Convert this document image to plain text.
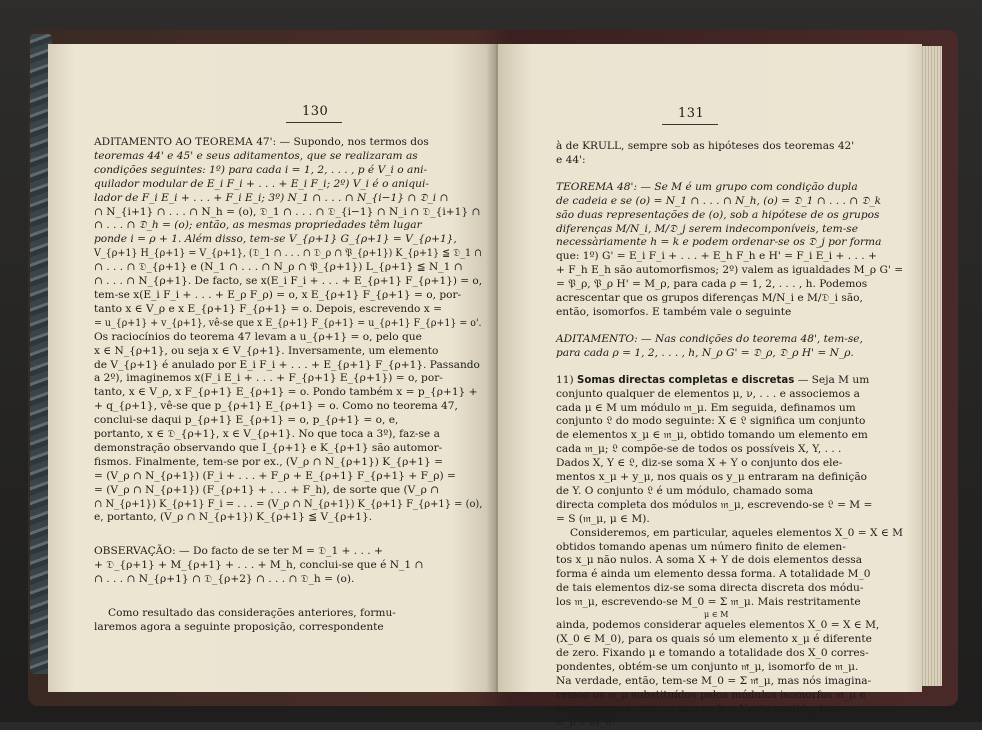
130

ADITAMENTO AO TEOREMA 47': — Supondo, nos termos dos

teoremas 44' e 45' e seus aditamentos, que se realizaram as

condições seguintes: 1º) para cada i = 1, 2, . . . , p é V_i o ani-

quilador modular de E_i F_i + . . . + E_i F_i; 2º) V_i é o aniqui-

lador de F_i E_i + . . . + F_i E_i; 3º) N_1 ∩ . . . ∩ N_{i−1} ∩ 𝔇_i ∩

∩ N_{i+1} ∩ . . . ∩ N_h = (o), 𝔇_1 ∩ . . . ∩ 𝔇_{i−1} ∩ N_i ∩ 𝔇_{i+1} ∩

∩ . . . ∩ 𝔇_h = (o); então, as mesmas propriedades têm lugar

ponde i = ρ + 1. Além disso, tem-se V_{ρ+1} G_{ρ+1} = V_{ρ+1},

V_{ρ+1} H_{ρ+1} = V_{ρ+1}, (𝔇_1 ∩ . . . ∩ 𝔇_ρ ∩ 𝔓_{ρ+1}) K_{ρ+1} ≦ 𝔇_1 ∩

∩ . . . ∩ 𝔇_{ρ+1} e (N_1 ∩ . . . ∩ N_ρ ∩ 𝔓_{ρ+1}) L_{ρ+1} ≦ N_1 ∩

∩ . . . ∩ N_{ρ+1}. De facto, se x(E_i F_i + . . . + E_{ρ+1} F_{ρ+1}) = o,

tem-se x(E_i F_i + . . . + E_ρ F_ρ) = o, x E_{ρ+1} F_{ρ+1} = o, por-

tanto x ∈ V_ρ e x E_{ρ+1} F_{ρ+1} = o. Depois, escrevendo x =

= u_{ρ+1} + v_{ρ+1}, vê-se que x E_{ρ+1} F_{ρ+1} = u_{ρ+1} F_{ρ+1} = o'.

Os raciocínios do teorema 47 levam a u_{ρ+1} = o, pelo que

x ∈ N_{ρ+1}, ou seja x ∈ V_{ρ+1}. Inversamente, um elemento

de V_{ρ+1} é anulado por E_i F_i + . . . + E_{ρ+1} F_{ρ+1}. Passando

a 2º), imaginemos x(F_i E_i + . . . + F_{ρ+1} E_{ρ+1}) = o, por-

tanto, x ∈ V_ρ, x F_{ρ+1} E_{ρ+1} = o. Pondo também x = p_{ρ+1} +

+ q_{ρ+1}, vê-se que p_{ρ+1} E_{ρ+1} = o. Como no teorema 47,

conclui-se daqui p_{ρ+1} E_{ρ+1} = o, p_{ρ+1} = o, e,

portanto, x ∈ 𝔇_{ρ+1}, x ∈ V_{ρ+1}. No que toca a 3º), faz-se a

demonstração observando que I_{ρ+1} e K_{ρ+1} são automor-

fismos. Finalmente, tem-se por ex., (V_ρ ∩ N_{ρ+1}) K_{ρ+1} =

= (V_ρ ∩ N_{ρ+1}) (F_i + . . . + F_ρ + E_{ρ+1} F_{ρ+1} + F_ρ) =

= (V_ρ ∩ N_{ρ+1}) (F_{ρ+1} + . . . + F_h), de sorte que (V_ρ ∩

∩ N_{ρ+1}) K_{ρ+1} F_i = . . . = (V_ρ ∩ N_{ρ+1}) K_{ρ+1} F_{ρ+1} = (o),

e, portanto, (V_ρ ∩ N_{ρ+1}) K_{ρ+1} ≦ V_{ρ+1}.

OBSERVAÇÃO: — Do facto de se ter M = 𝔇_1 + . . . +

+ 𝔇_{ρ+1} + M_{ρ+1} + . . . + M_h, conclui-se que é N_1 ∩

∩ . . . ∩ N_{ρ+1} ∩ 𝔇_{ρ+2} ∩ . . . ∩ 𝔇_h = (o).

Como resultado das considerações anteriores, formu-

laremos agora a seguinte proposição, correspondente

131

à de KRULL, sempre sob as hipóteses dos teoremas 42'

e 44':

TEOREMA 48': — Se M é um grupo com condição dupla

de cadeia e se (o) = N_1 ∩ . . . ∩ N_h, (o) = 𝔇_1 ∩ . . . ∩ 𝔇_k

são duas representações de (o), sob a hipótese de os grupos

diferenças M/N_i, M/𝔇_j serem indecomponíveis, tem-se

necessàriamente h = k e podem ordenar-se os 𝔇_j por forma

que: 1º) G' = E_i F_i + . . . + E_h F_h e H' = F_i E_i + . . . +

+ F_h E_h são automorfismos; 2º) valem as igualdades M_ρ G' =

= 𝔓_ρ, 𝔓_ρ H' = M_ρ, para cada ρ = 1, 2, . . . , h. Podemos

acrescentar que os grupos diferenças M/N_i e M/𝔇_i são,

então, isomorfos. E também vale o seguinte

ADITAMENTO: — Nas condições do teorema 48', tem-se,

para cada ρ = 1, 2, . . . , h, N_ρ G' = 𝔇_ρ, 𝔇_ρ H' = N_ρ.

11) Somas directas completas e discretas — Seja M um

conjunto qualquer de elementos μ, ν, . . . e associemos a

cada μ ∈ M um módulo 𝔪_μ. Em seguida, definamos um

conjunto 𝔏 do modo seguinte: X ∈ 𝔏 significa um conjunto

de elementos x_μ ∈ 𝔪_μ, obtido tomando um elemento em

cada 𝔪_μ; 𝔏 compõe-se de todos os possíveis X, Y, . . .

Dados X, Y ∈ 𝔏, diz-se soma X + Y o conjunto dos ele-

mentos x_μ + y_μ, nos quais os y_μ entraram na definição

de Y. O conjunto 𝔏 é um módulo, chamado soma

directa completa dos módulos 𝔪_μ, escrevendo-se 𝔏 = M =

= S (𝔪_μ, μ ∈ M).

Consideremos, em particular, aqueles elementos X_0 = X ∈ M

obtidos tomando apenas um número finito de elemen-

tos x_μ não nulos. A soma X + Y de dois elementos dessa

forma é ainda um elemento dessa forma. A totalidade M_0

de tais elementos diz-se soma directa discreta dos módu-

los 𝔪_μ, escrevendo-se M_0 = Σ 𝔪_μ. Mais restritamente

μ ∈ M

ainda, podemos considerar aqueles elementos X_0 = X ∈ M,

(X_0 ∈ M_0), para os quais só um elemento x_μ é diferente

de zero. Fixando μ e tomando a totalidade dos X_0 corres-

pondentes, obtém-se um conjunto 𝔪̄_μ, isomorfo de 𝔪_μ.

Na verdade, então, tem-se M_0 = Σ 𝔪̄_μ, mas nós imagina-

remos os 𝔪_μ substituídos pelos módulos isomorfos 𝔪̄_μ e

escreveremos como acima se fez. Neste sentido, tem-se

𝔪_μ ≦ M_0.
